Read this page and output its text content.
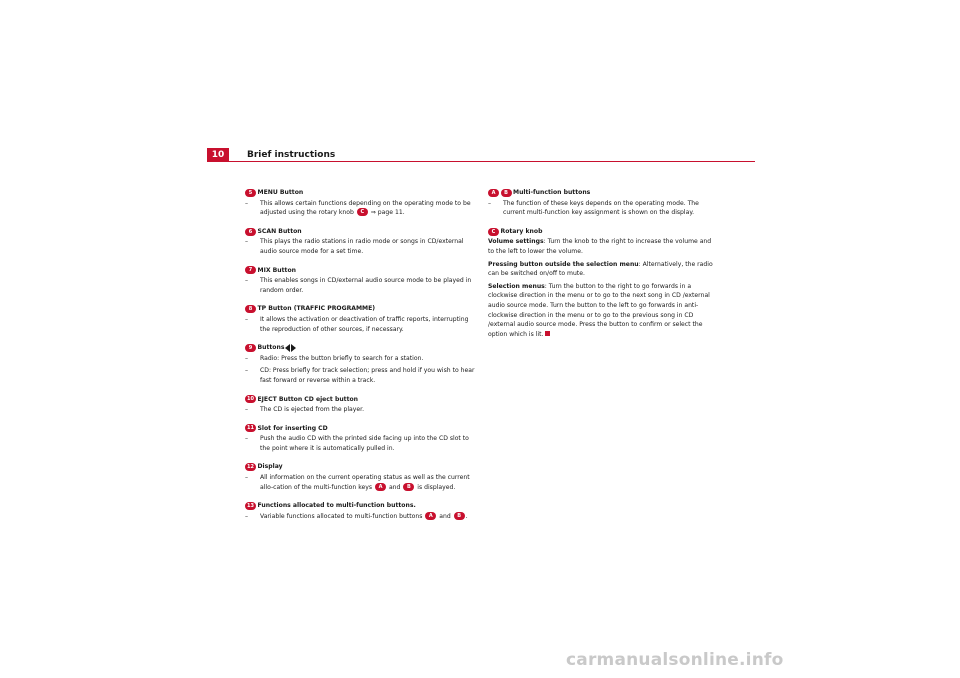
10	Brief instructions
5 MENU Button
– This allows certain functions depending on the operating mode to be adjusted using the rotary knob C ⇒ page 11.
6 SCAN Button
– This plays the radio stations in radio mode or songs in CD/external audio source mode for a set time.
7 MIX Button
– This enables songs in CD/external audio source mode to be played in random order.
8 TP Button (TRAFFIC PROGRAMME)
– It allows the activation or deactivation of traffic reports, interrupting the reproduction of other sources, if necessary.
9 Buttons
– Radio: Press the button briefly to search for a station.
– CD: Press briefly for track selection; press and hold if you wish to hear fast forward or reverse within a track.
10 EJECT Button CD eject button
– The CD is ejected from the player.
11 Slot for inserting CD
– Push the audio CD with the printed side facing up into the CD slot to the point where it is automatically pulled in.
12 Display
– All information on the current operating status as well as the current allo-cation of the multi-function keys A and B is displayed.
13 Functions allocated to multi-function buttons.
– Variable functions allocated to multi-function buttons A and B .
A	B Multi-function buttons
– The function of these keys depends on the operating mode. The current multi-function key assignment is shown on the display.
C Rotary knob
Volume settings: Turn the knob to the right to increase the volume and to the left to lower the volume.
Pressing button outside the selection menu: Alternatively, the radio can be switched on/off to mute.
Selection menus: Turn the button to the right to go forwards in a clockwise direction in the menu or to go to the next song in CD /external audio source mode. Turn the button to the left to go forwards in anti-clockwise direction in the menu or to go to the previous song in CD /external audio source mode. Press the button to confirm or select the option which is lit.
carmanualsonline.info
